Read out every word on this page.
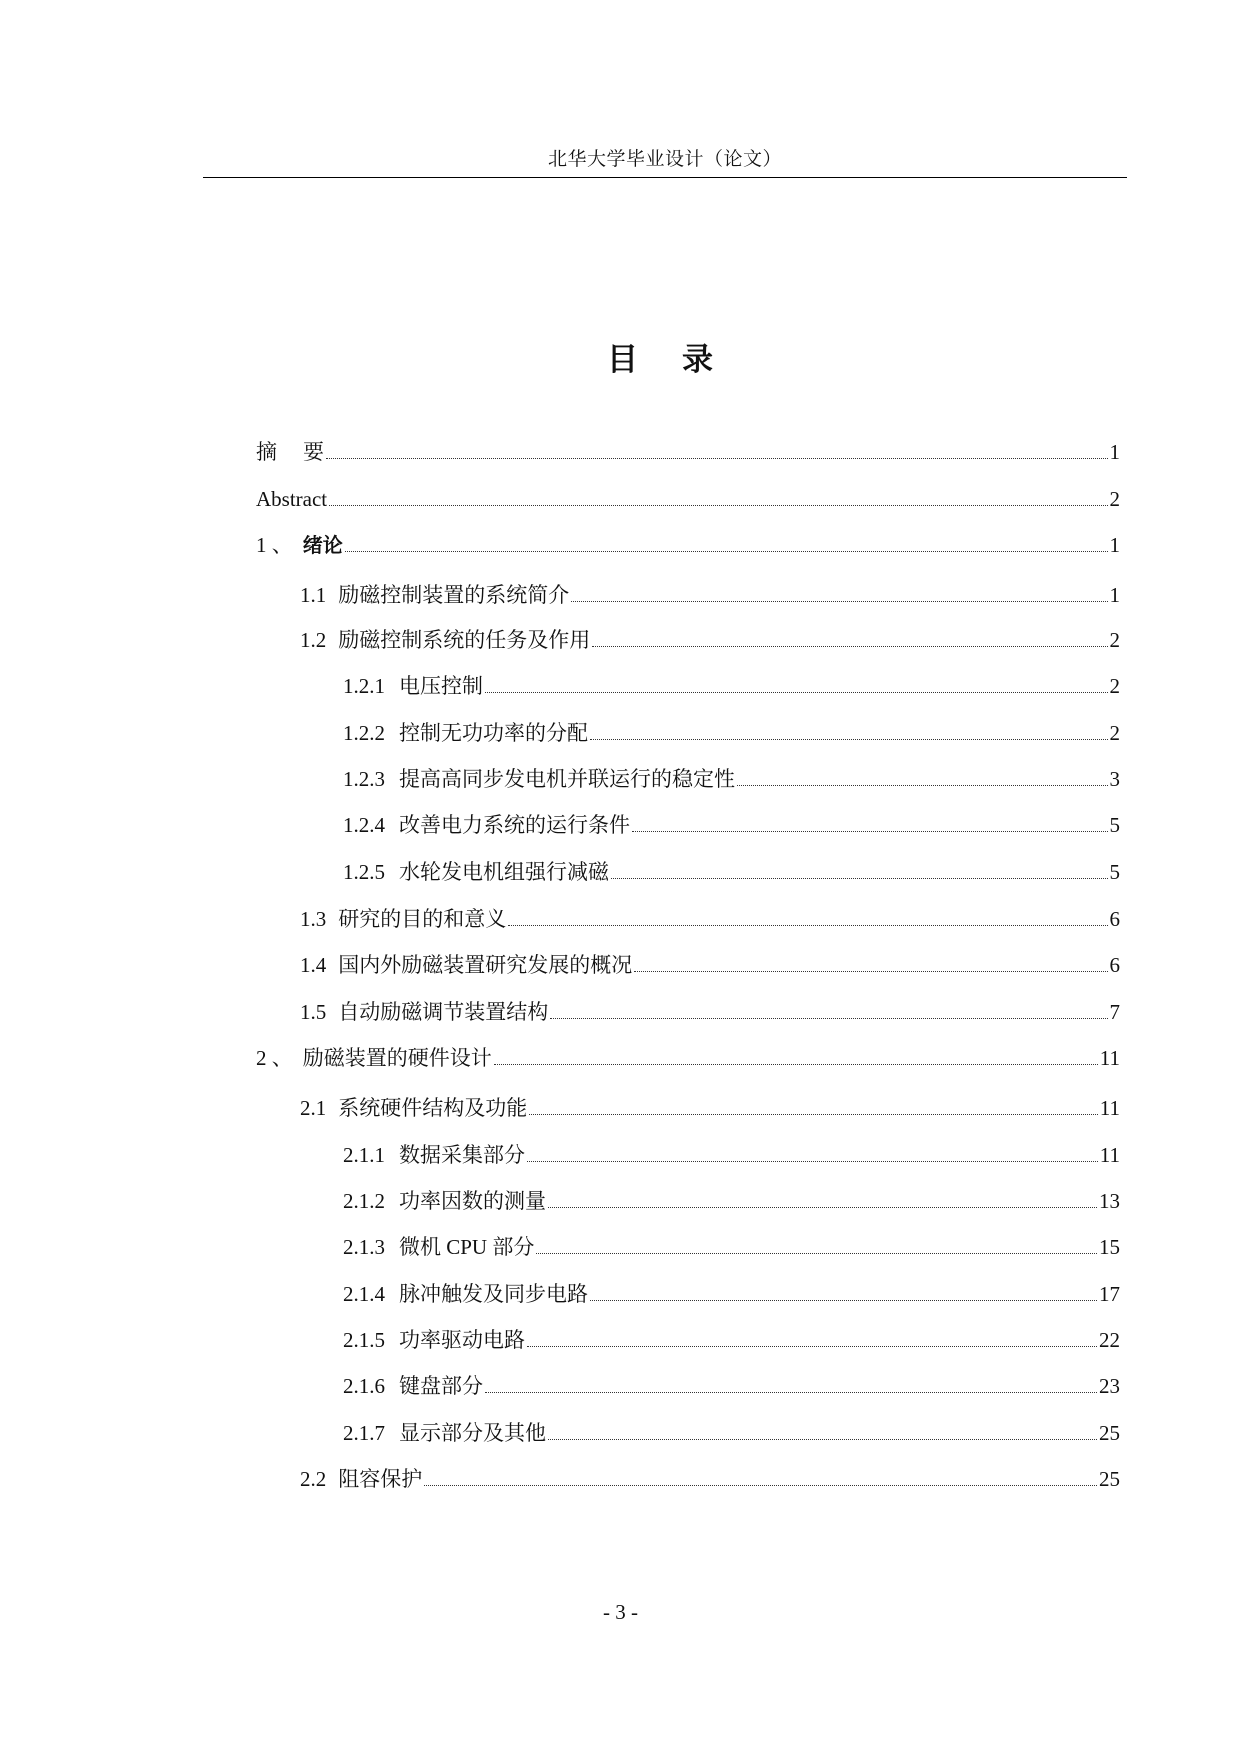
北华大学毕业设计（论文）
目录
摘要	1
Abstract	2
1 、 绪论	1
1.1 励磁控制装置的系统简介	1
1.2 励磁控制系统的任务及作用	2
1.2.1 电压控制	2
1.2.2 控制无功功率的分配	2
1.2.3 提高高同步发电机并联运行的稳定性	3
1.2.4 改善电力系统的运行条件	5
1.2.5 水轮发电机组强行减磁	5
1.3 研究的目的和意义	6
1.4 国内外励磁装置研究发展的概况	6
1.5 自动励磁调节装置结构	7
2 、 励磁装置的硬件设计	11
2.1 系统硬件结构及功能	11
2.1.1 数据采集部分	11
2.1.2 功率因数的测量	13
2.1.3 微机 CPU 部分	15
2.1.4 脉冲触发及同步电路	17
2.1.5 功率驱动电路	22
2.1.6 键盘部分	23
2.1.7 显示部分及其他	25
2.2 阻容保护	25
- 3 -
